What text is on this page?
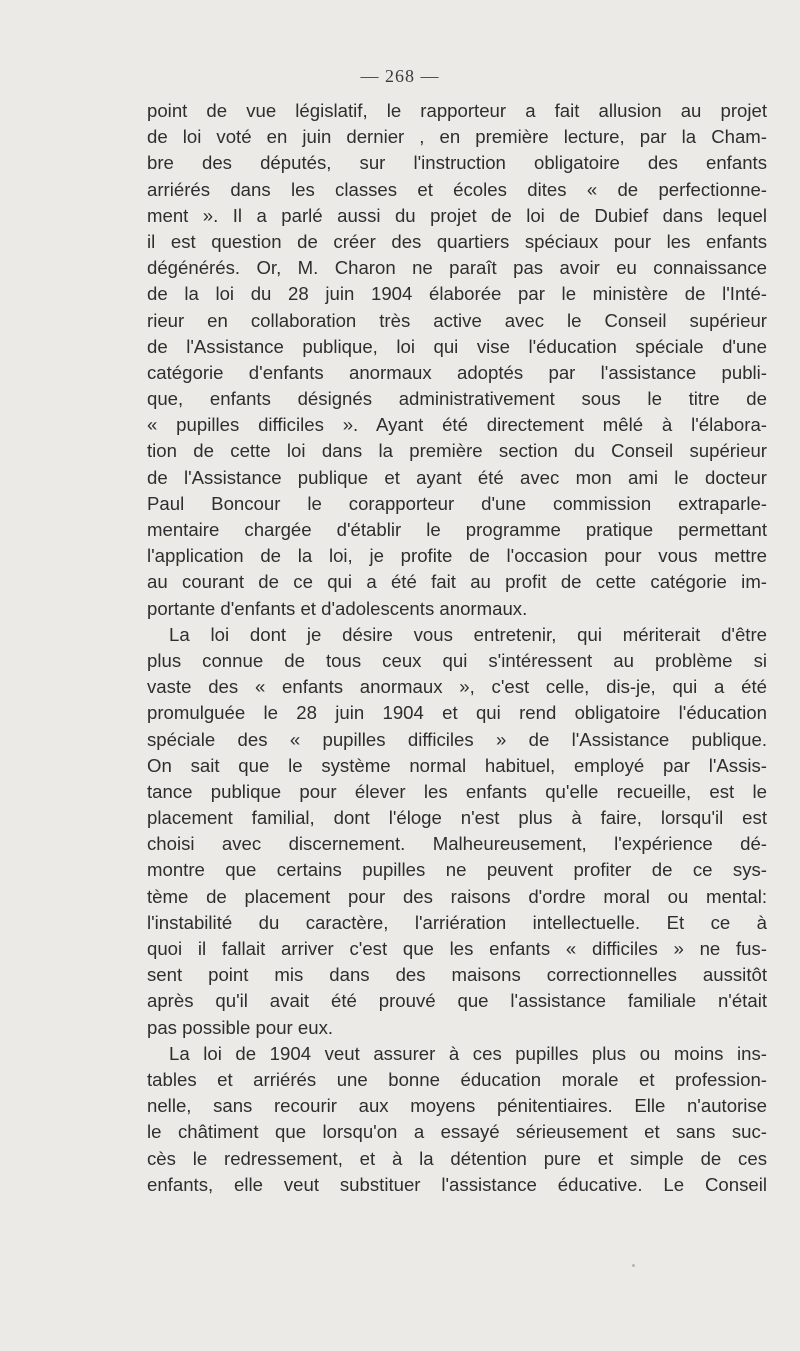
— 268 —
point de vue législatif, le rapporteur a fait allusion au projet
de loi voté en juin dernier , en première lecture, par la Cham-
bre des députés, sur l'instruction obligatoire des enfants
arriérés dans les classes et écoles dites « de perfectionne-
ment ». Il a parlé aussi du projet de loi de Dubief dans lequel
il est question de créer des quartiers spéciaux pour les enfants
dégénérés. Or, M. Charon ne paraît pas avoir eu connaissance
de la loi du 28 juin 1904 élaborée par le ministère de l'Inté-
rieur en collaboration très active avec le Conseil supérieur
de l'Assistance publique, loi qui vise l'éducation spéciale d'une
catégorie d'enfants anormaux adoptés par l'assistance publi-
que, enfants désignés administrativement sous le titre de
« pupilles difficiles ». Ayant été directement mêlé à l'élabora-
tion de cette loi dans la première section du Conseil supérieur
de l'Assistance publique et ayant été avec mon ami le docteur
Paul Boncour le corapporteur d'une commission extraparle-
mentaire chargée d'établir le programme pratique permettant
l'application de la loi, je profite de l'occasion pour vous mettre
au courant de ce qui a été fait au profit de cette catégorie im-
portante d'enfants et d'adolescents anormaux.
La loi dont je désire vous entretenir, qui mériterait d'être
plus connue de tous ceux qui s'intéressent au problème si
vaste des « enfants anormaux », c'est celle, dis-je, qui a été
promulguée le 28 juin 1904 et qui rend obligatoire l'éducation
spéciale des « pupilles difficiles » de l'Assistance publique.
On sait que le système normal habituel, employé par l'Assis-
tance publique pour élever les enfants qu'elle recueille, est le
placement familial, dont l'éloge n'est plus à faire, lorsqu'il est
choisi avec discernement. Malheureusement, l'expérience dé-
montre que certains pupilles ne peuvent profiter de ce sys-
tème de placement pour des raisons d'ordre moral ou mental:
l'instabilité du caractère, l'arriération intellectuelle. Et ce à
quoi il fallait arriver c'est que les enfants « difficiles » ne fus-
sent point mis dans des maisons correctionnelles aussitôt
après qu'il avait été prouvé que l'assistance familiale n'était
pas possible pour eux.
La loi de 1904 veut assurer à ces pupilles plus ou moins ins-
tables et arriérés une bonne éducation morale et profession-
nelle, sans recourir aux moyens pénitentiaires. Elle n'autorise
le châtiment que lorsqu'on a essayé sérieusement et sans suc-
cès le redressement, et à la détention pure et simple de ces
enfants, elle veut substituer l'assistance éducative. Le Conseil
